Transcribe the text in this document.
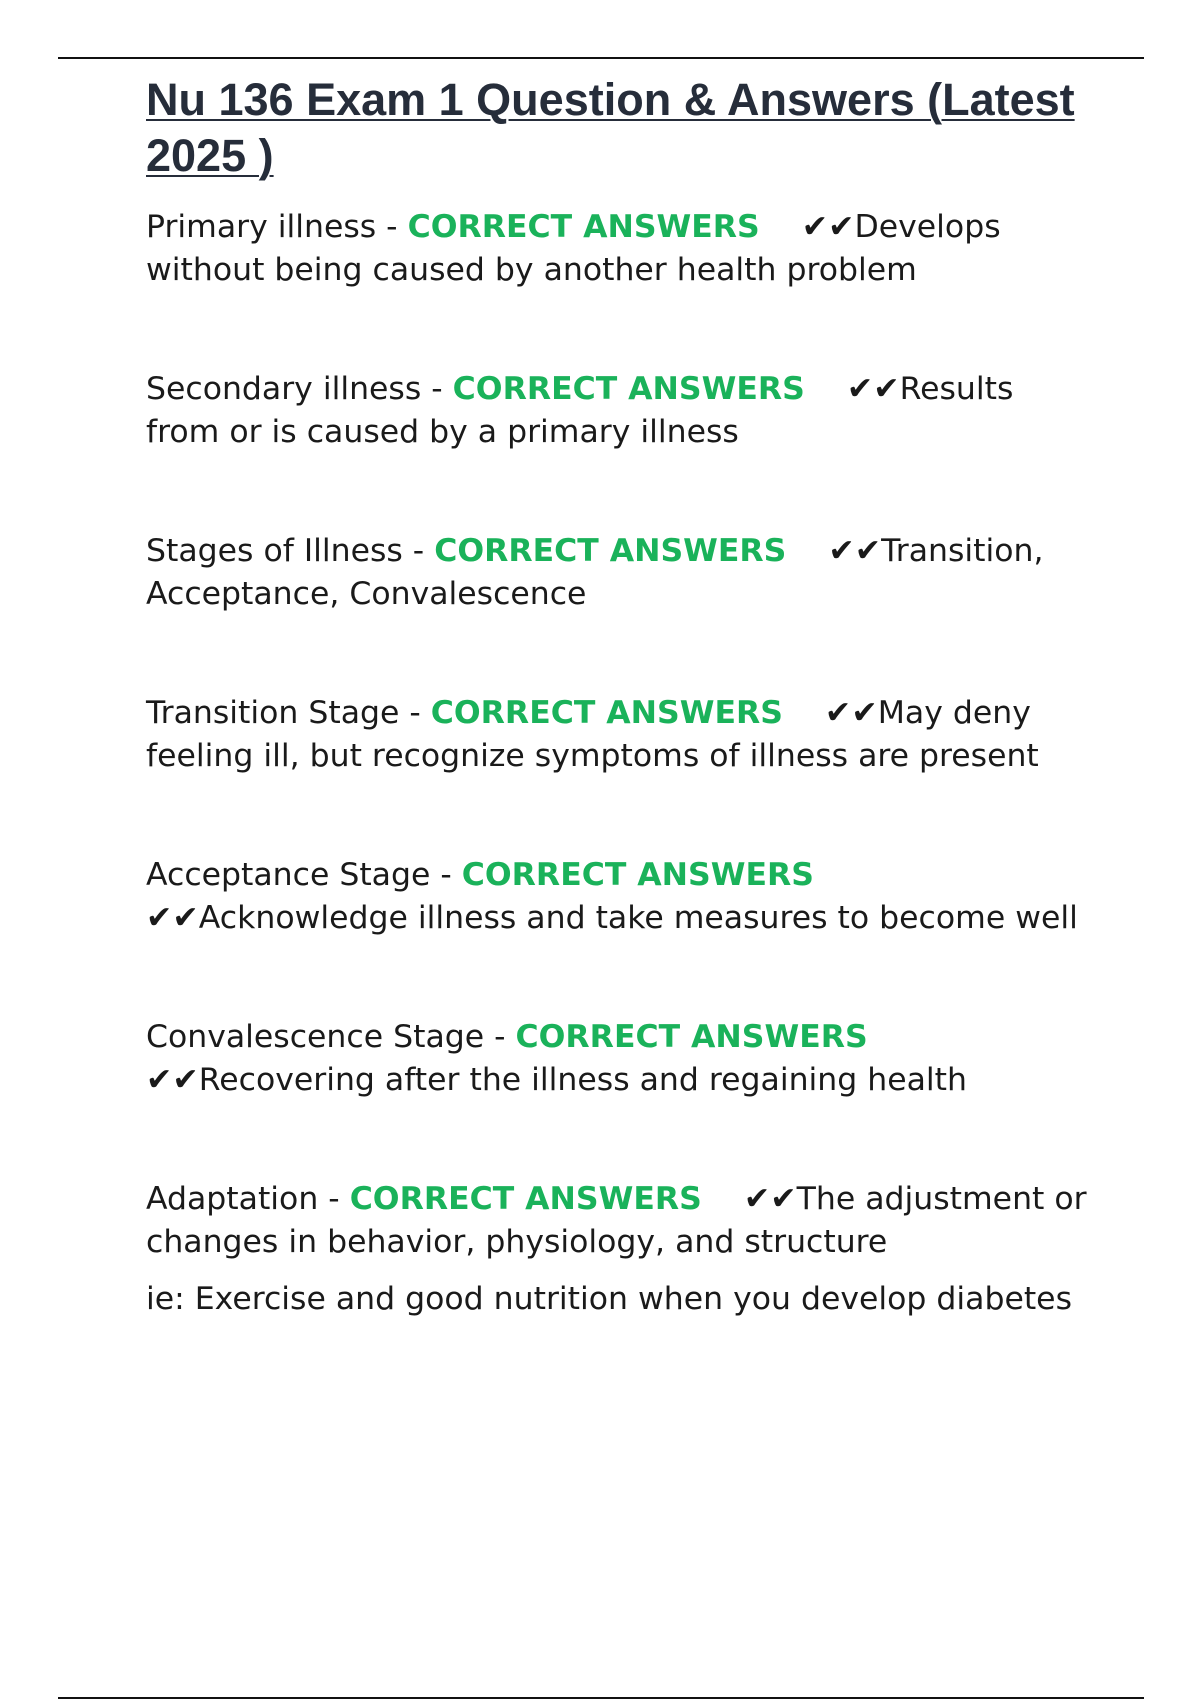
Nu 136 Exam 1 Question & Answers (Latest 2025 )

Primary illness - CORRECT ANSWERS ✔✔Develops without being caused by another health problem

Secondary illness - CORRECT ANSWERS ✔✔Results from or is caused by a primary illness

Stages of Illness - CORRECT ANSWERS ✔✔Transition, Acceptance, Convalescence

Transition Stage - CORRECT ANSWERS ✔✔May deny feeling ill, but recognize symptoms of illness are present

Acceptance Stage - CORRECT ANSWERS
✔✔Acknowledge illness and take measures to become well

Convalescence Stage - CORRECT ANSWERS
✔✔Recovering after the illness and regaining health

Adaptation - CORRECT ANSWERS ✔✔The adjustment or changes in behavior, physiology, and structure

ie: Exercise and good nutrition when you develop diabetes
